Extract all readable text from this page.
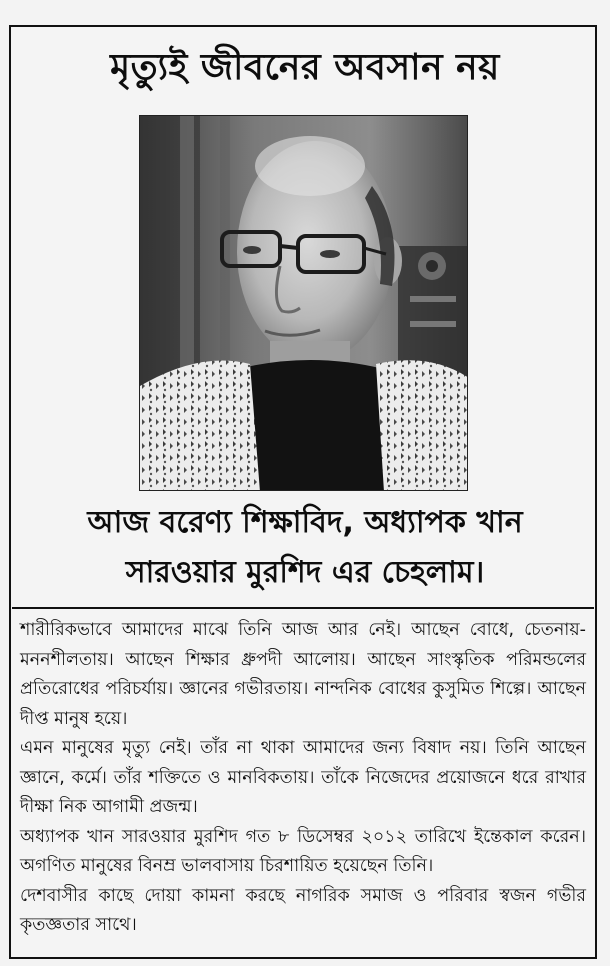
মৃত্যুই জীবনের অবসান নয়
আজ বরেণ্য শিক্ষাবিদ, অধ্যাপক খান
সারওয়ার মুরশিদ এর চেহলাম।

শারীরিকভাবে আমাদের মাঝে তিনি আজ আর নেই। আছেন বোধে, চেতনায়-মননশীলতায়। আছেন শিক্ষার ধ্রুপদী আলোয়। আছেন সাংস্কৃতিক পরিমন্ডলের প্রতিরোধের পরিচর্যায়। জ্ঞানের গভীরতায়। নান্দনিক বোধের কুসুমিত শিল্পে। আছেন দীপ্ত মানুষ হয়ে।

এমন মানুষের মৃত্যু নেই। তাঁর না থাকা আমাদের জন্য বিষাদ নয়। তিনি আছেন জ্ঞানে, কর্মে। তাঁর শক্তিতে ও মানবিকতায়। তাঁকে নিজেদের প্রয়োজনে ধরে রাখার দীক্ষা নিক আগামী প্রজন্ম।

অধ্যাপক খান সারওয়ার মুরশিদ গত ৮ ডিসেম্বর ২০১২ তারিখে ইন্তেকাল করেন। অগণিত মানুষের বিনম্র ভালবাসায় চিরশায়িত হয়েছেন তিনি।

দেশবাসীর কাছে দোয়া কামনা করছে নাগরিক সমাজ ও পরিবার স্বজন গভীর কৃতজ্ঞতার সাথে।
